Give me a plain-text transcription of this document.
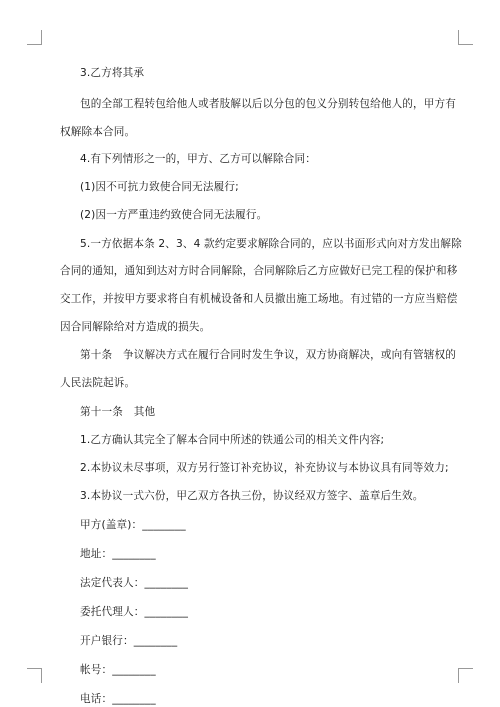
3.乙方将其承
包的全部工程转包给他人或者肢解以后以分包的包义分别转包给他人的，甲方有
权解除本合同。
4.有下列情形之一的，甲方、乙方可以解除合同：
(1)因不可抗力致使合同无法履行;
(2)因一方严重违约致使合同无法履行。
5.一方依据本条 2、3、4 款约定要求解除合同的，应以书面形式向对方发出解除
合同的通知，通知到达对方时合同解除，合同解除后乙方应做好已完工程的保护和移
交工作，并按甲方要求将自有机械设备和人员撤出施工场地。有过错的一方应当赔偿
因合同解除给对方造成的损失。
第十条　争议解决方式在履行合同时发生争议，双方协商解决，或向有管辖权的
人民法院起诉。
第十一条　其他
1.乙方确认其完全了解本合同中所述的铁通公司的相关文件内容;
2.本协议未尽事项，双方另行签订补充协议，补充协议与本协议具有同等效力;
3.本协议一式六份，甲乙双方各执三份，协议经双方签字、盖章后生效。
甲方(盖章)：________
地址：________
法定代表人：________
委托代理人：________
开户银行：________
帐号：________
电话：________
